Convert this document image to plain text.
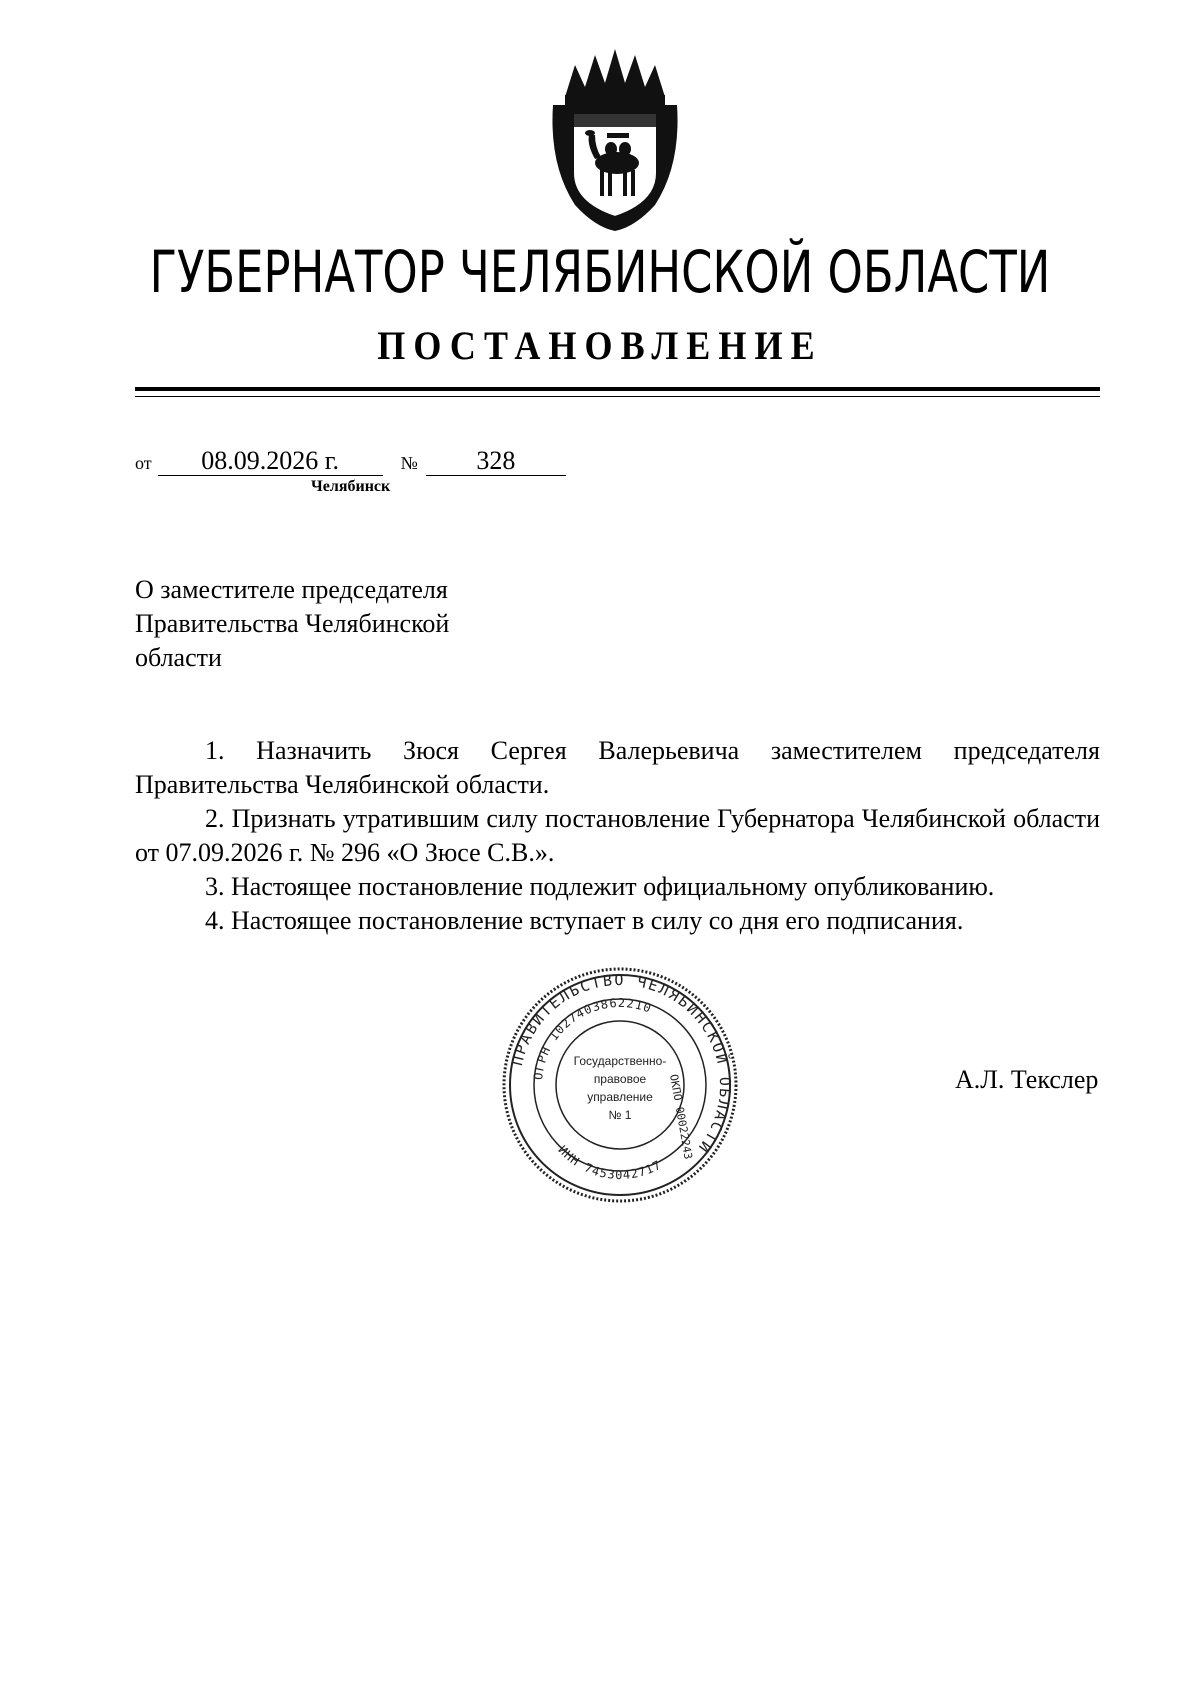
ГУБЕРНАТОР ЧЕЛЯБИНСКОЙ ОБЛАСТИ
ПОСТАНОВЛЕНИЕ
от 08.09.2026 г.	№ 328
Челябинск
О заместителе председателя
Правительства Челябинской
области

1. Назначить Зюся Сергея Валерьевича заместителем председателя Правительства Челябинской области.

2. Признать утратившим силу постановление Губернатора Челябинской области от 07.09.2026 г. № 296 «О Зюсе С.В.».

3. Настоящее постановление подлежит официальному опубликованию.

4. Настоящее постановление вступает в силу со дня его подписания.

ПРАВИТЕЛЬСТВО ЧЕЛЯБИНСКОЙ ОБЛАСТИ
ОГРН 1027403862210
ОКПО 00022243
ИНН 7453042717
Государственно-
правовое
управление
№ 1
А.Л. Текслер
